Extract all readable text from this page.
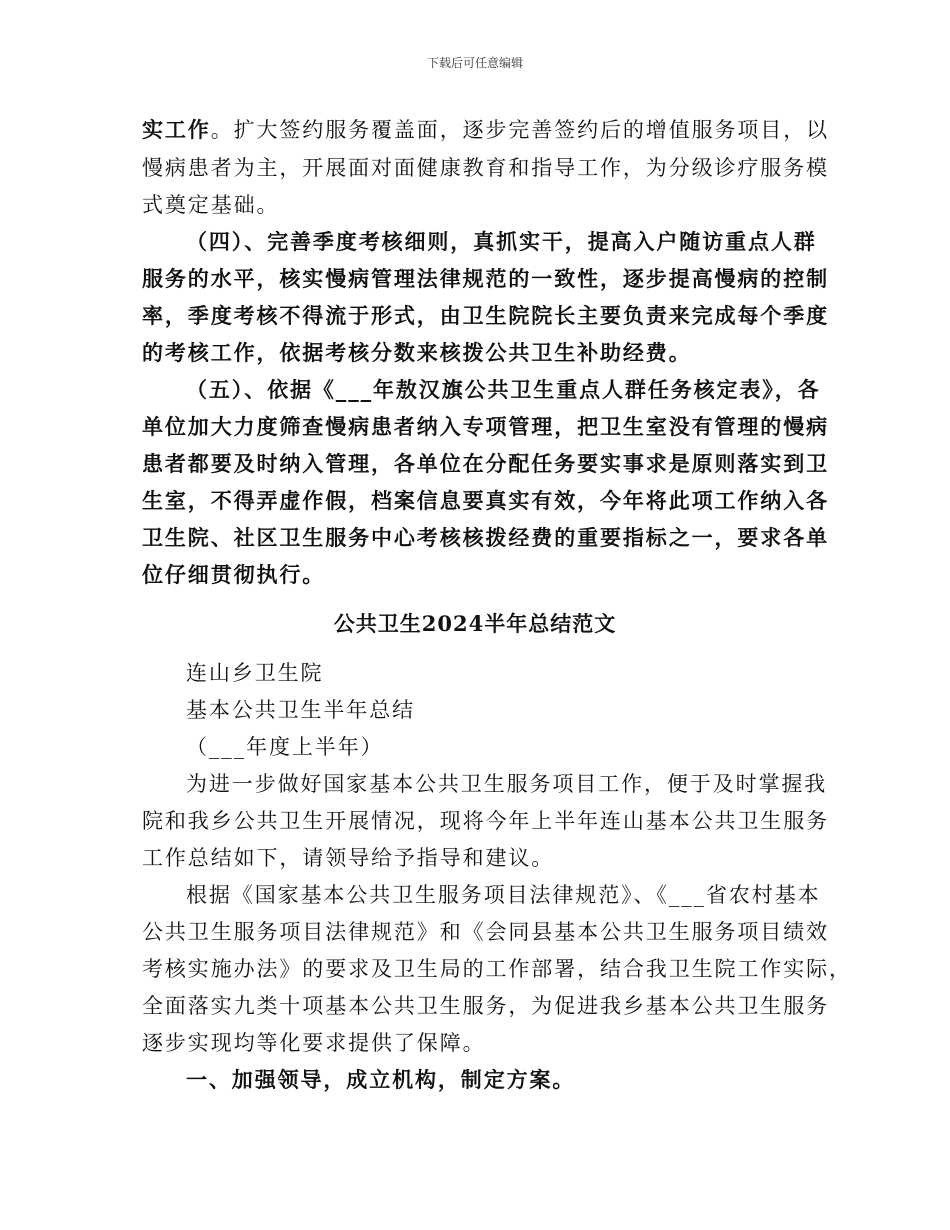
下载后可任意编辑
实工作。扩大签约服务覆盖面，逐步完善签约后的增值服务项目，以
慢病患者为主，开展面对面健康教育和指导工作，为分级诊疗服务模
式奠定基础。
（四）、完善季度考核细则，真抓实干，提高入户随访重点人群
服务的水平，核实慢病管理法律规范的一致性，逐步提高慢病的控制
率，季度考核不得流于形式，由卫生院院长主要负责来完成每个季度
的考核工作，依据考核分数来核拨公共卫生补助经费。
（五）、依据《___年敖汉旗公共卫生重点人群任务核定表》，各
单位加大力度筛查慢病患者纳入专项管理，把卫生室没有管理的慢病
患者都要及时纳入管理，各单位在分配任务要实事求是原则落实到卫
生室，不得弄虚作假，档案信息要真实有效，今年将此项工作纳入各
卫生院、社区卫生服务中心考核核拨经费的重要指标之一，要求各单
位仔细贯彻执行。
公共卫生2024半年总结范文
连山乡卫生院
基本公共卫生半年总结
（___年度上半年）
为进一步做好国家基本公共卫生服务项目工作，便于及时掌握我
院和我乡公共卫生开展情况，现将今年上半年连山基本公共卫生服务
工作总结如下，请领导给予指导和建议。
根据《国家基本公共卫生服务项目法律规范》、《___省农村基本
公共卫生服务项目法律规范》和《会同县基本公共卫生服务项目绩效
考核实施办法》的要求及卫生局的工作部署，结合我卫生院工作实际，
全面落实九类十项基本公共卫生服务，为促进我乡基本公共卫生服务
逐步实现均等化要求提供了保障。
一、加强领导，成立机构，制定方案。
